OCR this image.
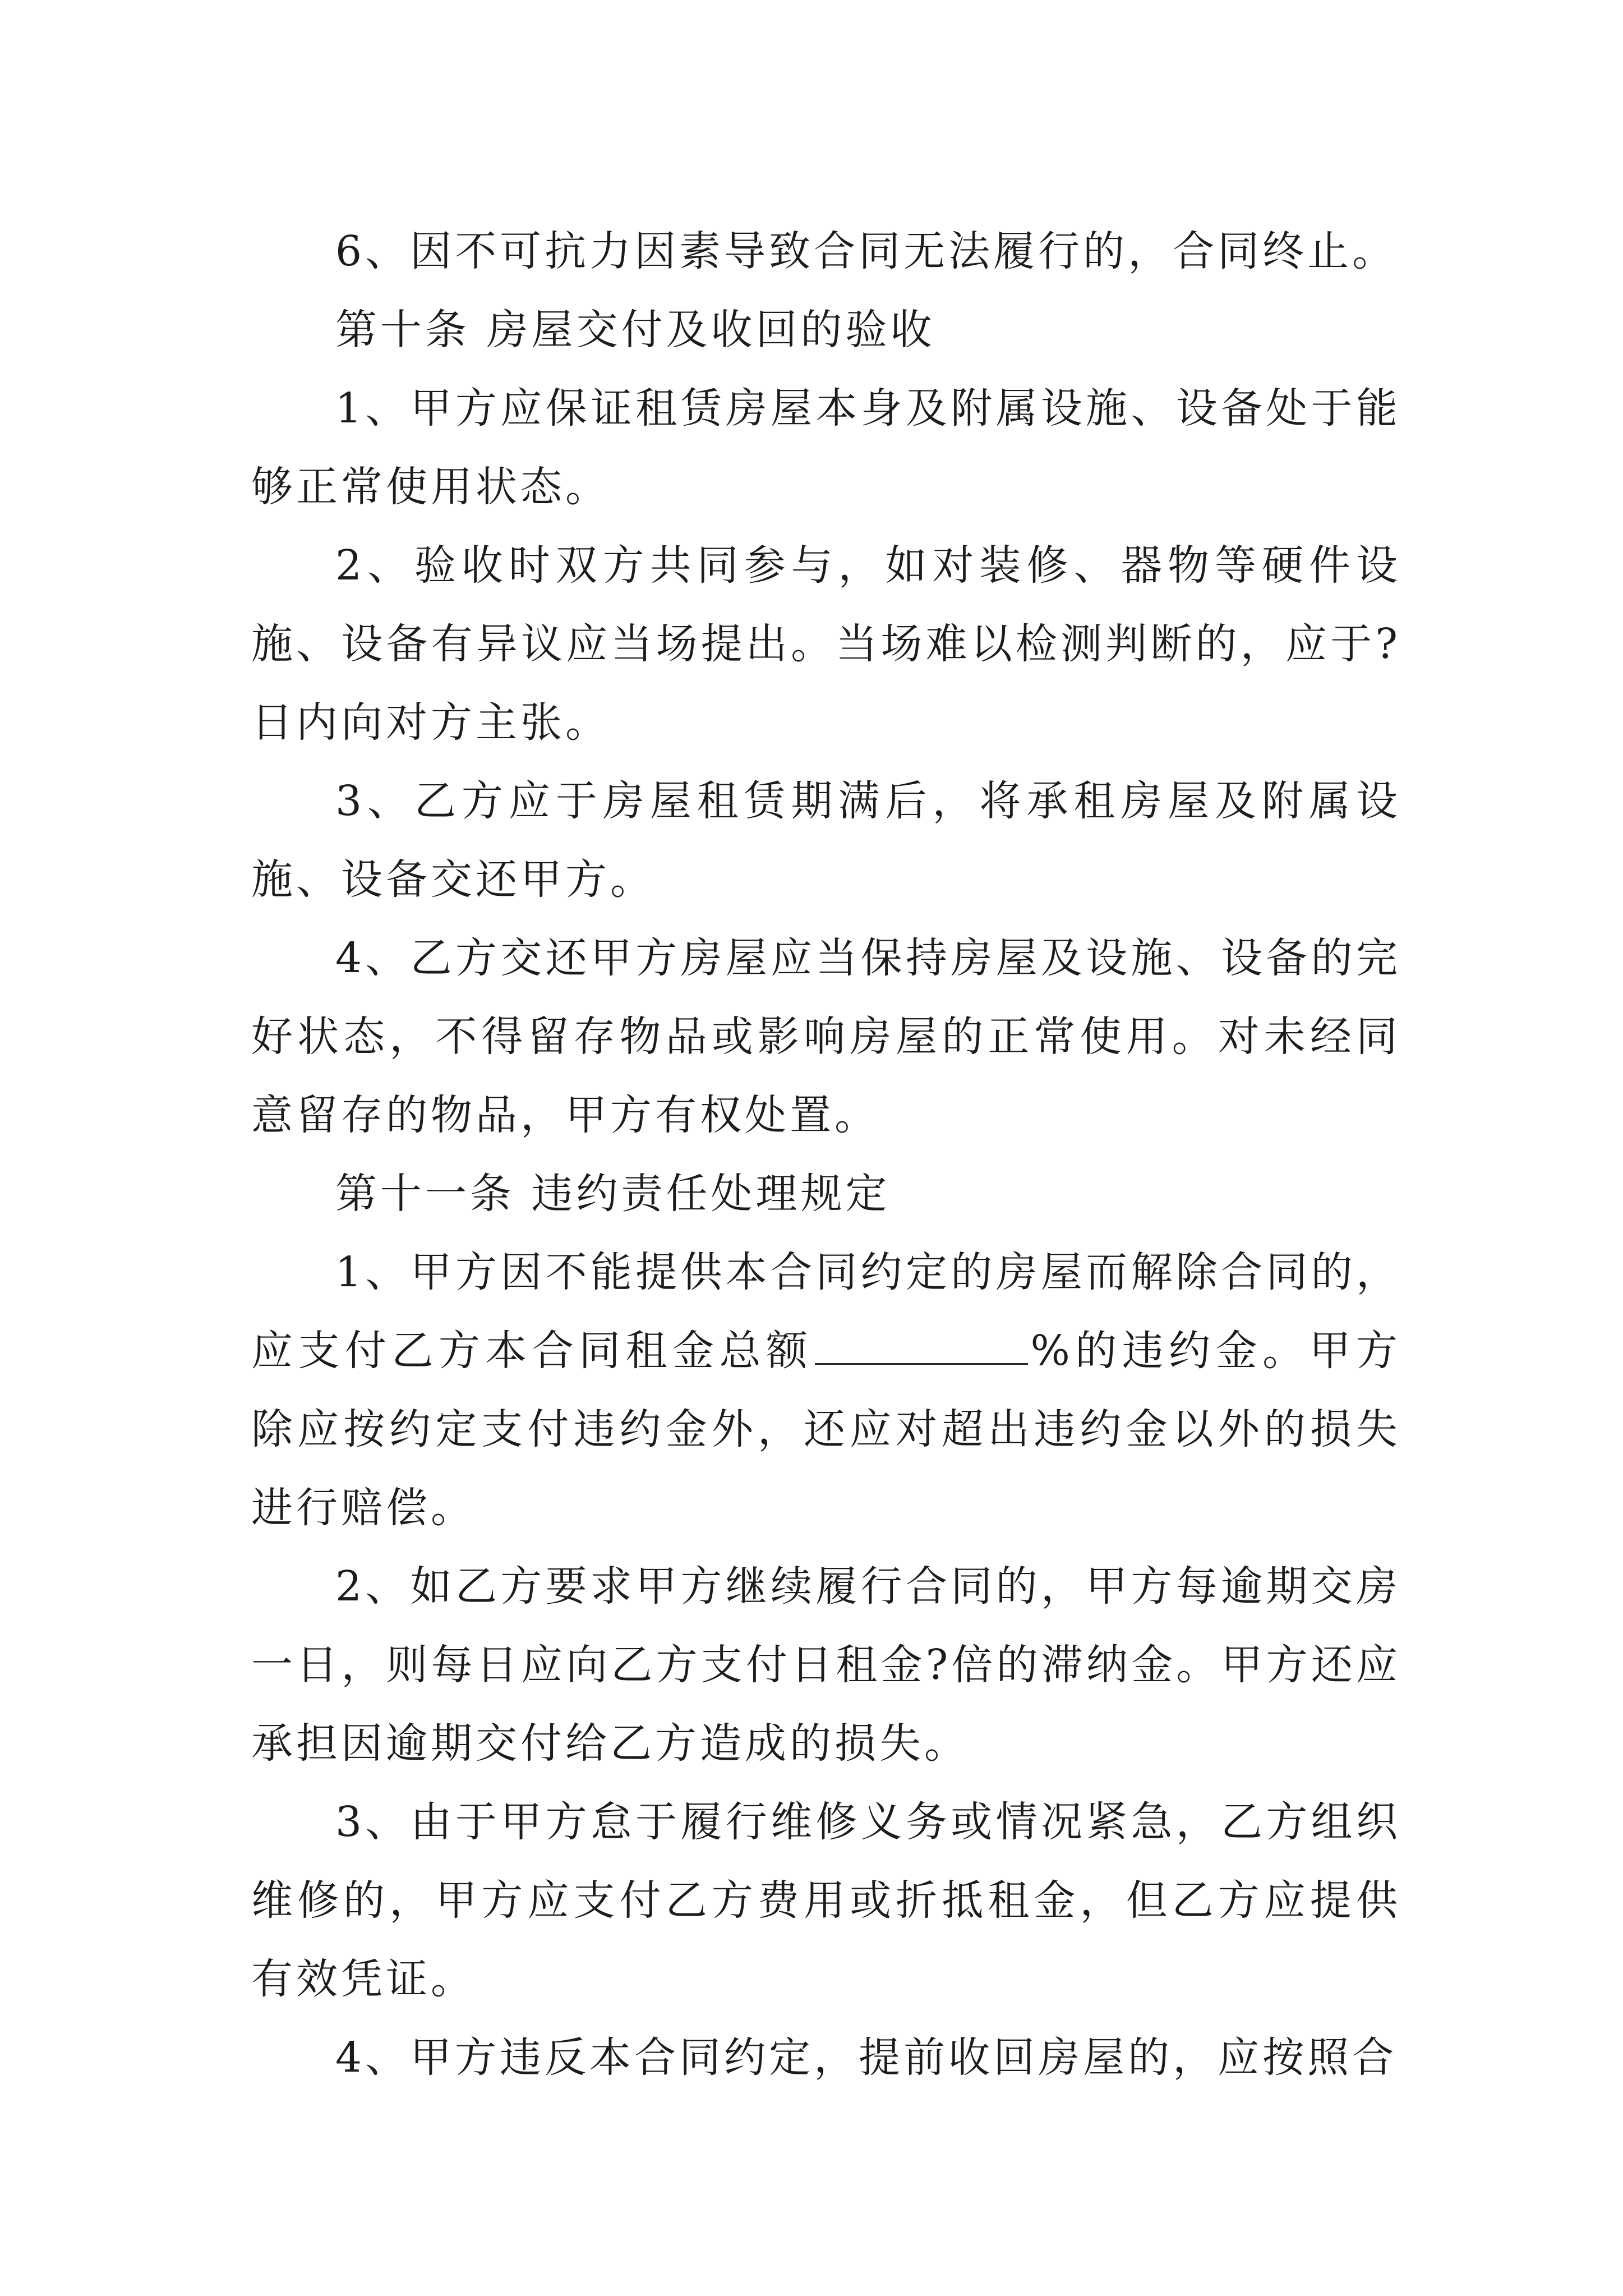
6、因不可抗力因素导致合同无法履行的，合同终止。

第十条 房屋交付及收回的验收

1、甲方应保证租赁房屋本身及附属设施、设备处于能够正常使用状态。

2、验收时双方共同参与，如对装修、器物等硬件设施、设备有异议应当场提出。当场难以检测判断的，应于?日内向对方主张。

3、乙方应于房屋租赁期满后，将承租房屋及附属设施、设备交还甲方。

4、乙方交还甲方房屋应当保持房屋及设施、设备的完好状态，不得留存物品或影响房屋的正常使用。对未经同意留存的物品，甲方有权处置。

第十一条 违约责任处理规定

1、甲方因不能提供本合同约定的房屋而解除合同的，应支付乙方本合同租金总额	%的违约金。甲方除应按约定支付违约金外，还应对超出违约金以外的损失进行赔偿。

2、如乙方要求甲方继续履行合同的，甲方每逾期交房一日，则每日应向乙方支付日租金?倍的滞纳金。甲方还应承担因逾期交付给乙方造成的损失。

3、由于甲方怠于履行维修义务或情况紧急，乙方组织维修的，甲方应支付乙方费用或折抵租金，但乙方应提供有效凭证。

4、甲方违反本合同约定，提前收回房屋的，应按照合
